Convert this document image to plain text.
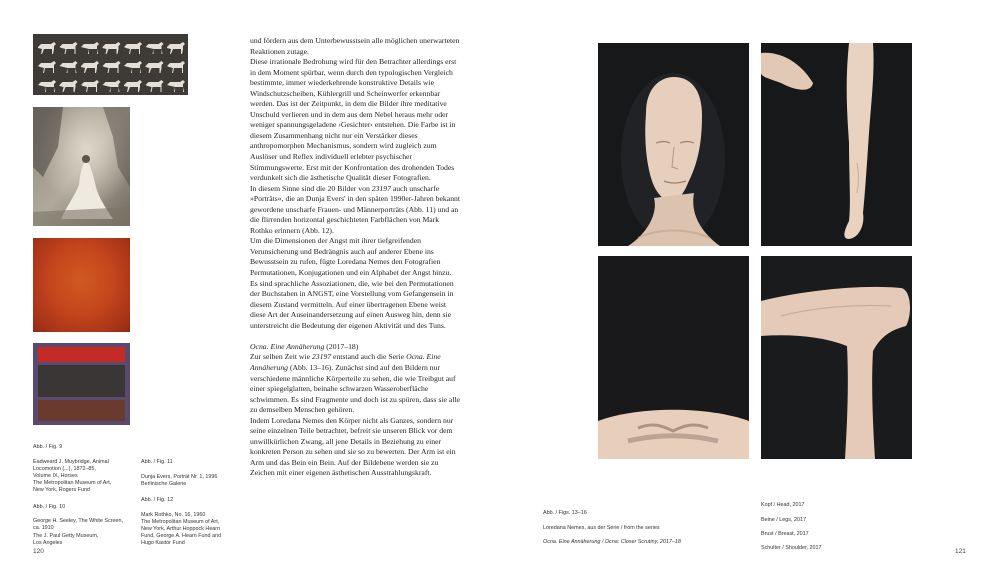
Abb. / Fig. 9

Eadweard J. Muybridge, Animal
Locomotion (...), 1872–85,
Volume IX, Horses
The Metropolitan Museum of Art,
New York, Rogers Fund

Abb. / Fig. 10

George H. Seeley, The White Screen,
ca. 1910
The J. Paul Getty Museum,
Los Angeles

Abb. / Fig. 11

Dunja Evers, Porträt Nr. 1, 1996
Berlinische Galerie

Abb. / Fig. 12

Mark Rothko, No. 16, 1960
The Metropolitan Museum of Art,
New York, Arthur Hoppock Hearn
Fund, George A. Hearn Fund and
Hugo Kastor Fund

und fördern aus dem Unterbewusstsein alle möglichen unerwarteten Reaktionen zutage.

Diese irrationale Bedrohung wird für den Betrachter allerdings erst in dem Moment spürbar, wenn durch den typologischen Vergleich bestimmte, immer wiederkehrende konstruktive Details wie Windschutzscheiben, Kühlergrill und Scheinwerfer erkennbar werden. Das ist der Zeitpunkt, in dem die Bilder ihre meditative Unschuld verlieren und in dem aus dem Nebel heraus mehr oder weniger spannungsgeladene ›Gesichter‹ entstehen. Die Farbe ist in diesem Zusammenhang nicht nur ein Verstärker dieses anthropomorphen Mechanismus, sondern wird zugleich zum Auslöser und Reflex individuell erlebter psychischer Stimmungswerte. Erst mit der Konfrontation des drohenden Todes verdunkelt sich die ästhetische Qualität dieser Fotografien.

In diesem Sinne sind die 20 Bilder von 23197 auch unscharfe »Porträts«, die an Dunja Evers' in den späten 1990er-Jahren bekannt gewordene unscharfe Frauen- und Männerporträts (Abb. 11) und an die flirrenden horizontal geschichteten Farbflächen von Mark Rothko erinnern (Abb. 12).

Um die Dimensionen der Angst mit ihrer tiefgreifenden Verunsicherung und Bedrängnis auch auf anderer Ebene ins Bewusstsein zu rufen, fügte Loredana Nemes den Fotografien Permutationen, Konjugationen und ein Alphabet der Angst hinzu. Es sind sprachliche Assoziationen, die, wie bei den Permutationen der Buchstaben in ANGST, eine Vorstellung vom Gefangensein in diesem Zustand vermitteln. Auf einer übertragenen Ebene weist diese Art der Auseinandersetzung auf einen Ausweg hin, denn sie unterstreicht die Bedeutung der eigenen Aktivität und des Tuns.

Ocna. Eine Annäherung (2017–18)

Zur selben Zeit wie 23197 entstand auch die Serie Ocna. Eine Annäherung (Abb. 13–16). Zunächst sind auf den Bildern nur verschiedene männliche Körperteile zu sehen, die wie Treibgut auf einer spiegelglatten, beinahe schwarzen Wasseroberfläche schwimmen. Es sind Fragmente und doch ist zu spüren, dass sie alle zu demselben Menschen gehören.

Indem Loredana Nemes den Körper nicht als Ganzes, sondern nur seine einzelnen Teile betrachtet, befreit sie unseren Blick vor dem unwillkürlichen Zwang, all jene Details in Beziehung zu einer konkreten Person zu sehen und sie so zu bewerten. Der Arm ist ein Arm und das Bein ein Bein. Auf der Bildebene werden sie zu Zeichen mit einer eigenen ästhetischen Ausstrahlungskraft.

120

Abb. / Figs. 13–16

Loredana Nemes, aus der Serie / from the series

Ocna. Eine Annäherung / Ocna: Closer Scrutiny, 2017–18

Kopf / Head, 2017

Beine / Legs, 2017

Brust / Breast, 2017

Schulter / Shoulder, 2017	121
